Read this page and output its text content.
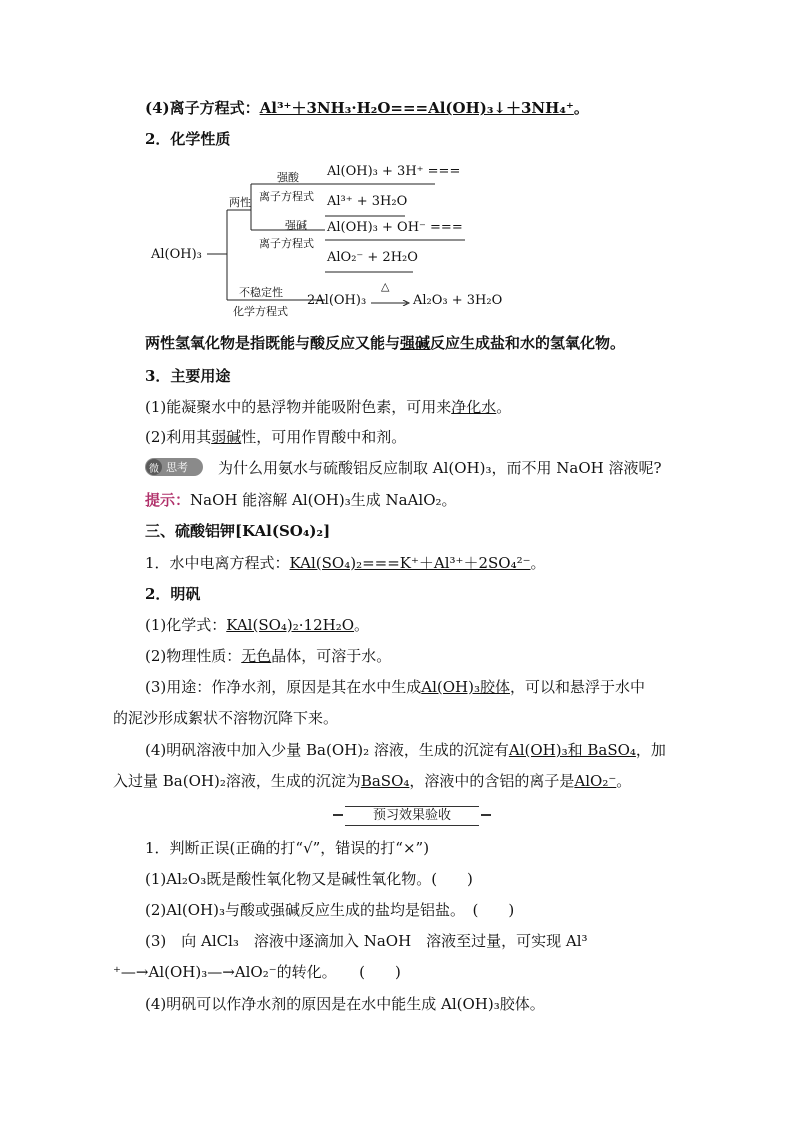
(4)离子方程式：Al³⁺＋3NH₃·H₂O===Al(OH)₃↓＋3NH₄⁺。
2．化学性质
Al(OH)₃
两性
强酸
离子方程式
强碱
离子方程式
不稳定性
化学方程式
Al(OH)₃ + 3H⁺ ===
Al³⁺ + 3H₂O
Al(OH)₃ + OH⁻ ===
AlO₂⁻ + 2H₂O
2Al(OH)₃
△
Al₂O₃ + 3H₂O
两性氢氧化物是指既能与酸反应又能与强碱反应生成盐和水的氢氧化物。
3．主要用途
(1)能凝聚水中的悬浮物并能吸附色素，可用来净化水。
(2)利用其弱碱性，可用作胃酸中和剂。
微 思考 为什么用氨水与硫酸铝反应制取 Al(OH)₃，而不用 NaOH 溶液呢?
提示：NaOH 能溶解 Al(OH)₃生成 NaAlO₂。
三、硫酸铝钾[KAl(SO₄)₂]
1．水中电离方程式：KAl(SO₄)₂===K⁺＋Al³⁺＋2SO₄²⁻。
2．明矾
(1)化学式：KAl(SO₄)₂·12H₂O。
(2)物理性质：无色晶体，可溶于水。
(3)用途：作净水剂，原因是其在水中生成Al(OH)₃胶体，可以和悬浮于水中
的泥沙形成絮状不溶物沉降下来。
(4)明矾溶液中加入少量 Ba(OH)₂ 溶液，生成的沉淀有Al(OH)₃和 BaSO₄，加
入过量 Ba(OH)₂溶液，生成的沉淀为BaSO₄，溶液中的含铝的离子是AlO₂⁻。
预习效果验收
1．判断正误(正确的打“√”，错误的打“×”)
(1)Al₂O₃既是酸性氧化物又是碱性氧化物。(　　)
(2)Al(OH)₃与酸或强碱反应生成的盐均是铝盐。　(　　)
(3)　向 AlCl₃　溶液中逐滴加入 NaOH　溶液至过量，可实现 Al³
⁺—→Al(OH)₃—→AlO₂⁻的转化。　　(　　)
(4)明矾可以作净水剂的原因是在水中能生成 Al(OH)₃胶体。
